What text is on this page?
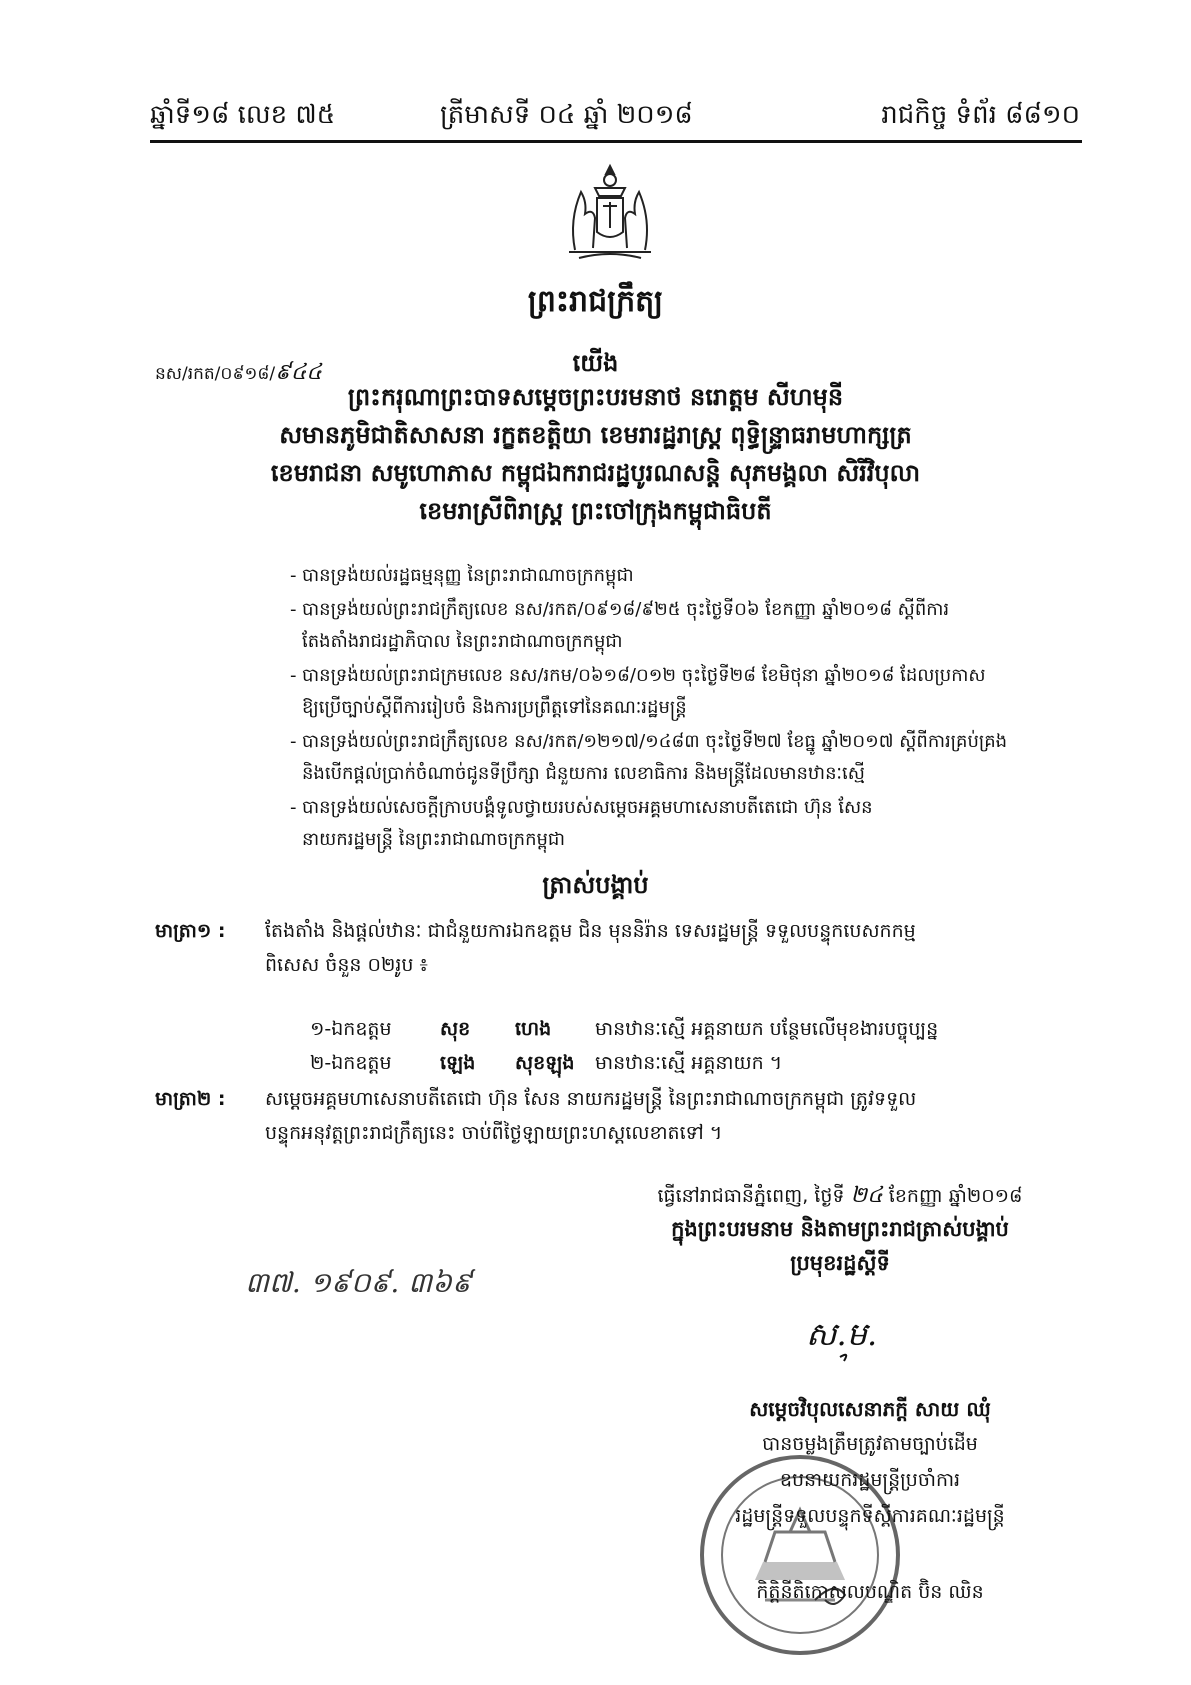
ឆ្នាំទី១៨ លេខ ៧៥	ត្រីមាសទី ០៤ ឆ្នាំ ២០១៨	រាជកិច្ច ទំព័រ ៨៨១០
ព្រះរាជក្រឹត្យ
នស/រកត/០៩១៨/៩៤៤	យើង
ព្រះករុណាព្រះបាទសម្តេចព្រះបរមនាថ នរោត្តម សីហមុនី
សមានភូមិជាតិសាសនា រក្ខតខត្តិយា ខេមរារដ្ឋរាស្ត្រ ពុទ្ធិន្ទ្រាធរាមហាក្សត្រ
ខេមរាជនា សមូហោភាស កម្ពុជឯករាជរដ្ឋបូរណសន្តិ សុភមង្គលា សិរីវិបុលា
ខេមរាស្រីពិរាស្ត្រ ព្រះចៅក្រុងកម្ពុជាធិបតី
- បានទ្រង់យល់រដ្ឋធម្មនុញ្ញ នៃព្រះរាជាណាចក្រកម្ពុជា
- បានទ្រង់យល់ព្រះរាជក្រឹត្យលេខ នស/រកត/០៩១៨/៩២៥ ចុះថ្ងៃទី០៦ ខែកញ្ញា ឆ្នាំ២០១៨ ស្តីពីការ
តែងតាំងរាជរដ្ឋាភិបាល នៃព្រះរាជាណាចក្រកម្ពុជា
- បានទ្រង់យល់ព្រះរាជក្រមលេខ នស/រកម/០៦១៨/០១២ ចុះថ្ងៃទី២៨ ខែមិថុនា ឆ្នាំ២០១៨ ដែលប្រកាស
ឱ្យប្រើច្បាប់ស្តីពីការរៀបចំ និងការប្រព្រឹត្តទៅនៃគណៈរដ្ឋមន្ត្រី
- បានទ្រង់យល់ព្រះរាជក្រឹត្យលេខ នស/រកត/១២១៧/១៤៨៣ ចុះថ្ងៃទី២៧ ខែធ្នូ ឆ្នាំ២០១៧ ស្តីពីការគ្រប់គ្រង
និងបើកផ្តល់ប្រាក់ចំណាច់ជូនទីប្រឹក្សា ជំនួយការ លេខាធិការ និងមន្ត្រីដែលមានឋានៈស្មើ
- បានទ្រង់យល់សេចក្តីក្រាបបង្គំទូលថ្វាយរបស់សម្តេចអគ្គមហាសេនាបតីតេជោ ហ៊ុន សែន
នាយករដ្ឋមន្ត្រី នៃព្រះរាជាណាចក្រកម្ពុជា
ត្រាស់បង្គាប់
មាត្រា១ : តែងតាំង និងផ្តល់ឋានៈ ជាជំនួយការឯកឧត្តម ជិន មុននិរ៉ាន ទេសរដ្ឋមន្ត្រី ទទួលបន្ទុកបេសកកម្ម
ពិសេស ចំនួន ០២រូប ៖
១-ឯកឧត្តម	សុខ ហេង មានឋានៈស្មើ អគ្គនាយក បន្ថែមលើមុខងារបច្ចុប្បន្ន
២-ឯកឧត្តម	ឡេង សុខឡុង មានឋានៈស្មើ អគ្គនាយក ។
មាត្រា២ : សម្តេចអគ្គមហាសេនាបតីតេជោ ហ៊ុន សែន នាយករដ្ឋមន្ត្រី នៃព្រះរាជាណាចក្រកម្ពុជា ត្រូវទទួល
បន្ទុកអនុវត្តព្រះរាជក្រឹត្យនេះ ចាប់ពីថ្ងៃឡាយព្រះហស្តលេខាតទៅ ។
ធ្វើនៅរាជធានីភ្នំពេញ, ថ្ងៃទី ២៤ ខែកញ្ញា ឆ្នាំ២០១៨
ក្នុងព្រះបរមនាម និងតាមព្រះរាជត្រាស់បង្គាប់
ប្រមុខរដ្ឋស្តីទី
៣៧. ១៩០៩. ៣៦៩
ស.ម.
សម្តេចវិបុលសេនាភក្តី សាយ ឈុំ
បានចម្លងត្រឹមត្រូវតាមច្បាប់ដើម
ឧបនាយករដ្ឋមន្ត្រីប្រចាំការ
រដ្ឋមន្ត្រីទទួលបន្ទុកទីស្តីការគណៈរដ្ឋមន្ត្រី
កិត្តិនីតិកោសលបណ្ឌិត ប៊ិន ឈិន
